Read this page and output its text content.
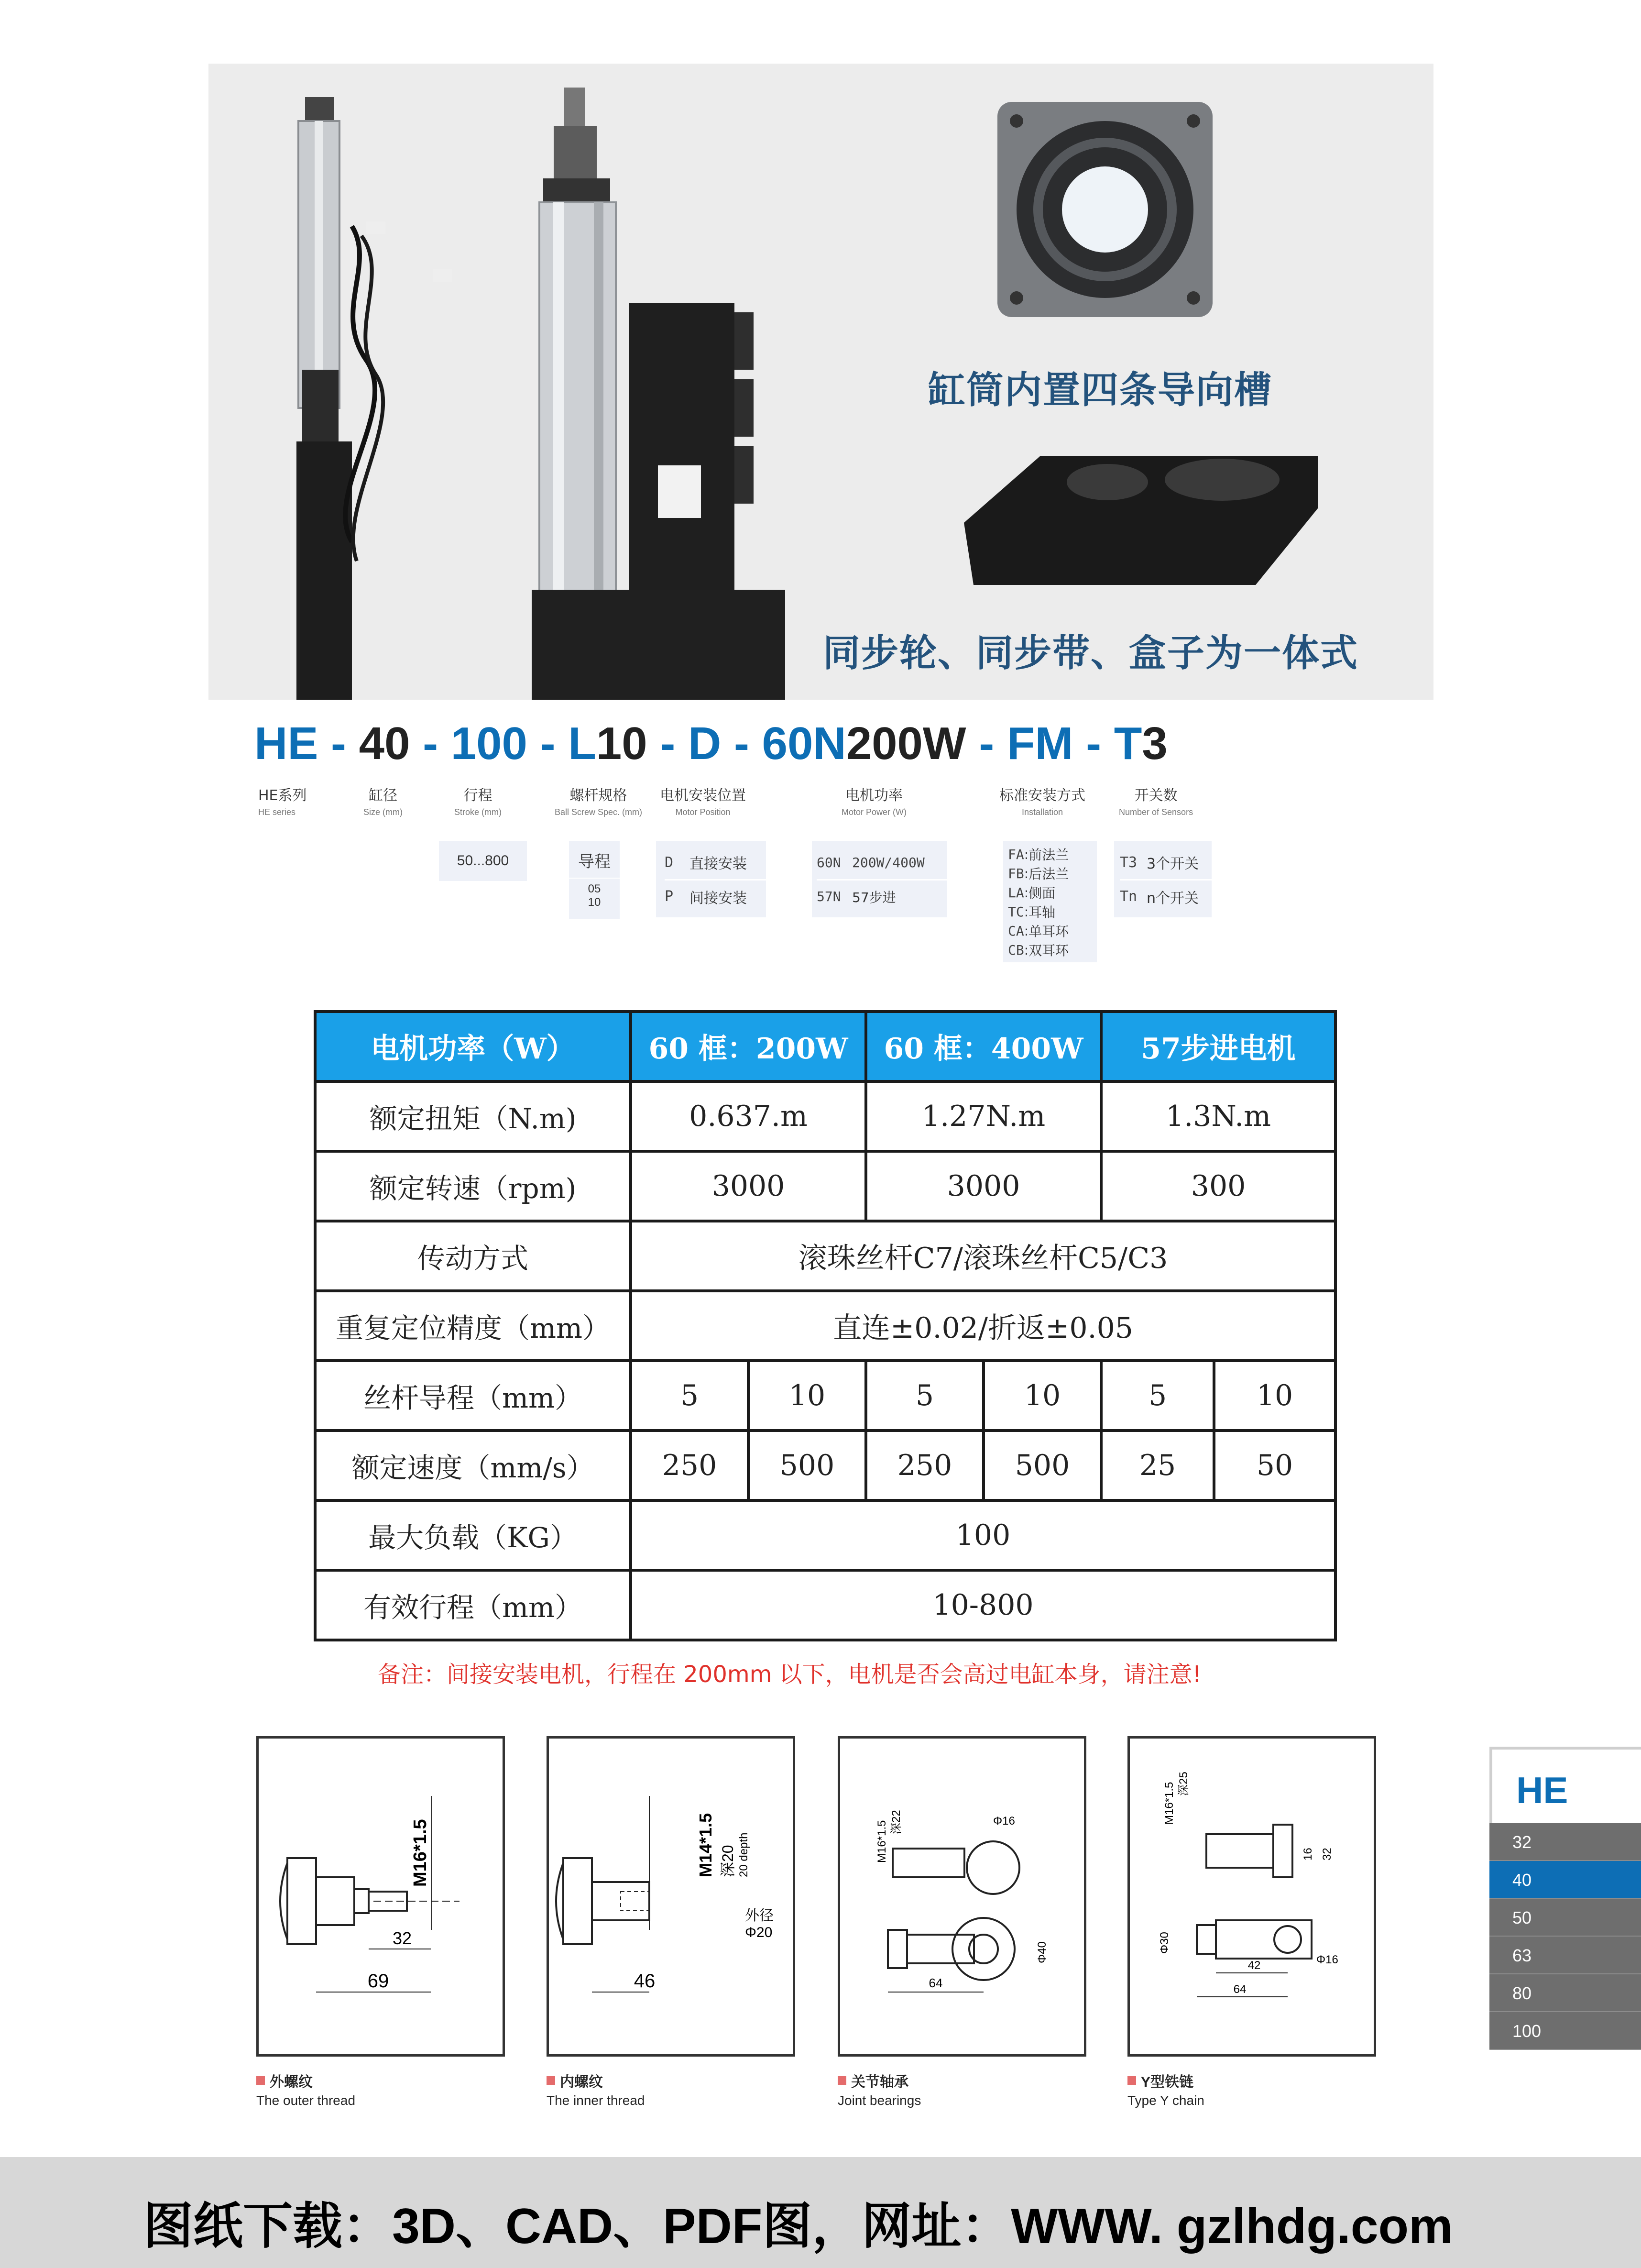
缸筒内置四条导向槽
同步轮、同步带、盒子为一体式
HE - 40 - 100 - L10 - D - 60N200W - FM - T3
HE系列
HE series
缸径
Size (mm)
行程
Stroke (mm)
螺杆规格
Ball Screw Spec. (mm)
电机安装位置
Motor Position
电机功率
Motor Power (W)
标准安装方式
Installation
开关数
Number of Sensors
50...800	导程
05
10
D	直接安装
P	间接安装
60N 200W/400W
57N 57步进
FA : 前法兰
FB : 后法兰
LA : 侧面
TC : 耳轴
CA : 单耳环
CB : 双耳环
T3 3个开关
Tn n个开关
电机功率（W）	60 框：200W		60 框：400W		57步进电机	
额定扭矩（N.m)	0.637.m		1.27N.m		1.3N.m	
额定转速（rpm)	3000		3000		300	
传动方式	滚珠丝杆C7/滚珠丝杆C5/C3					
重复定位精度（mm）	直连±0.02/折返±0.05					
丝杆导程（mm）	5	10	5	10	5	10
额定速度（mm/s）	250	500	250	500	25	50
最大负载（KG）	100					
有效行程（mm）	10-800					
备注：间接安装电机，行程在 200mm 以下，电机是否会高过电缸本身，请注意!
M16*1.5
32
69
外螺纹
The outer thread
M14*1.5 深20 20 depth
外径
Φ20
46
内螺纹
The inner thread
M16*1.5 深22	Φ16
Φ40
64
关节轴承
Joint bearings
M16*1.5 深25
16 32
Φ30
Φ16
42
64
Y型铁链
Type Y chain
HE
32
40
50
63
80
100
图纸下载：3D、CAD、PDF图，网址：WWW. gzlhdg.com
